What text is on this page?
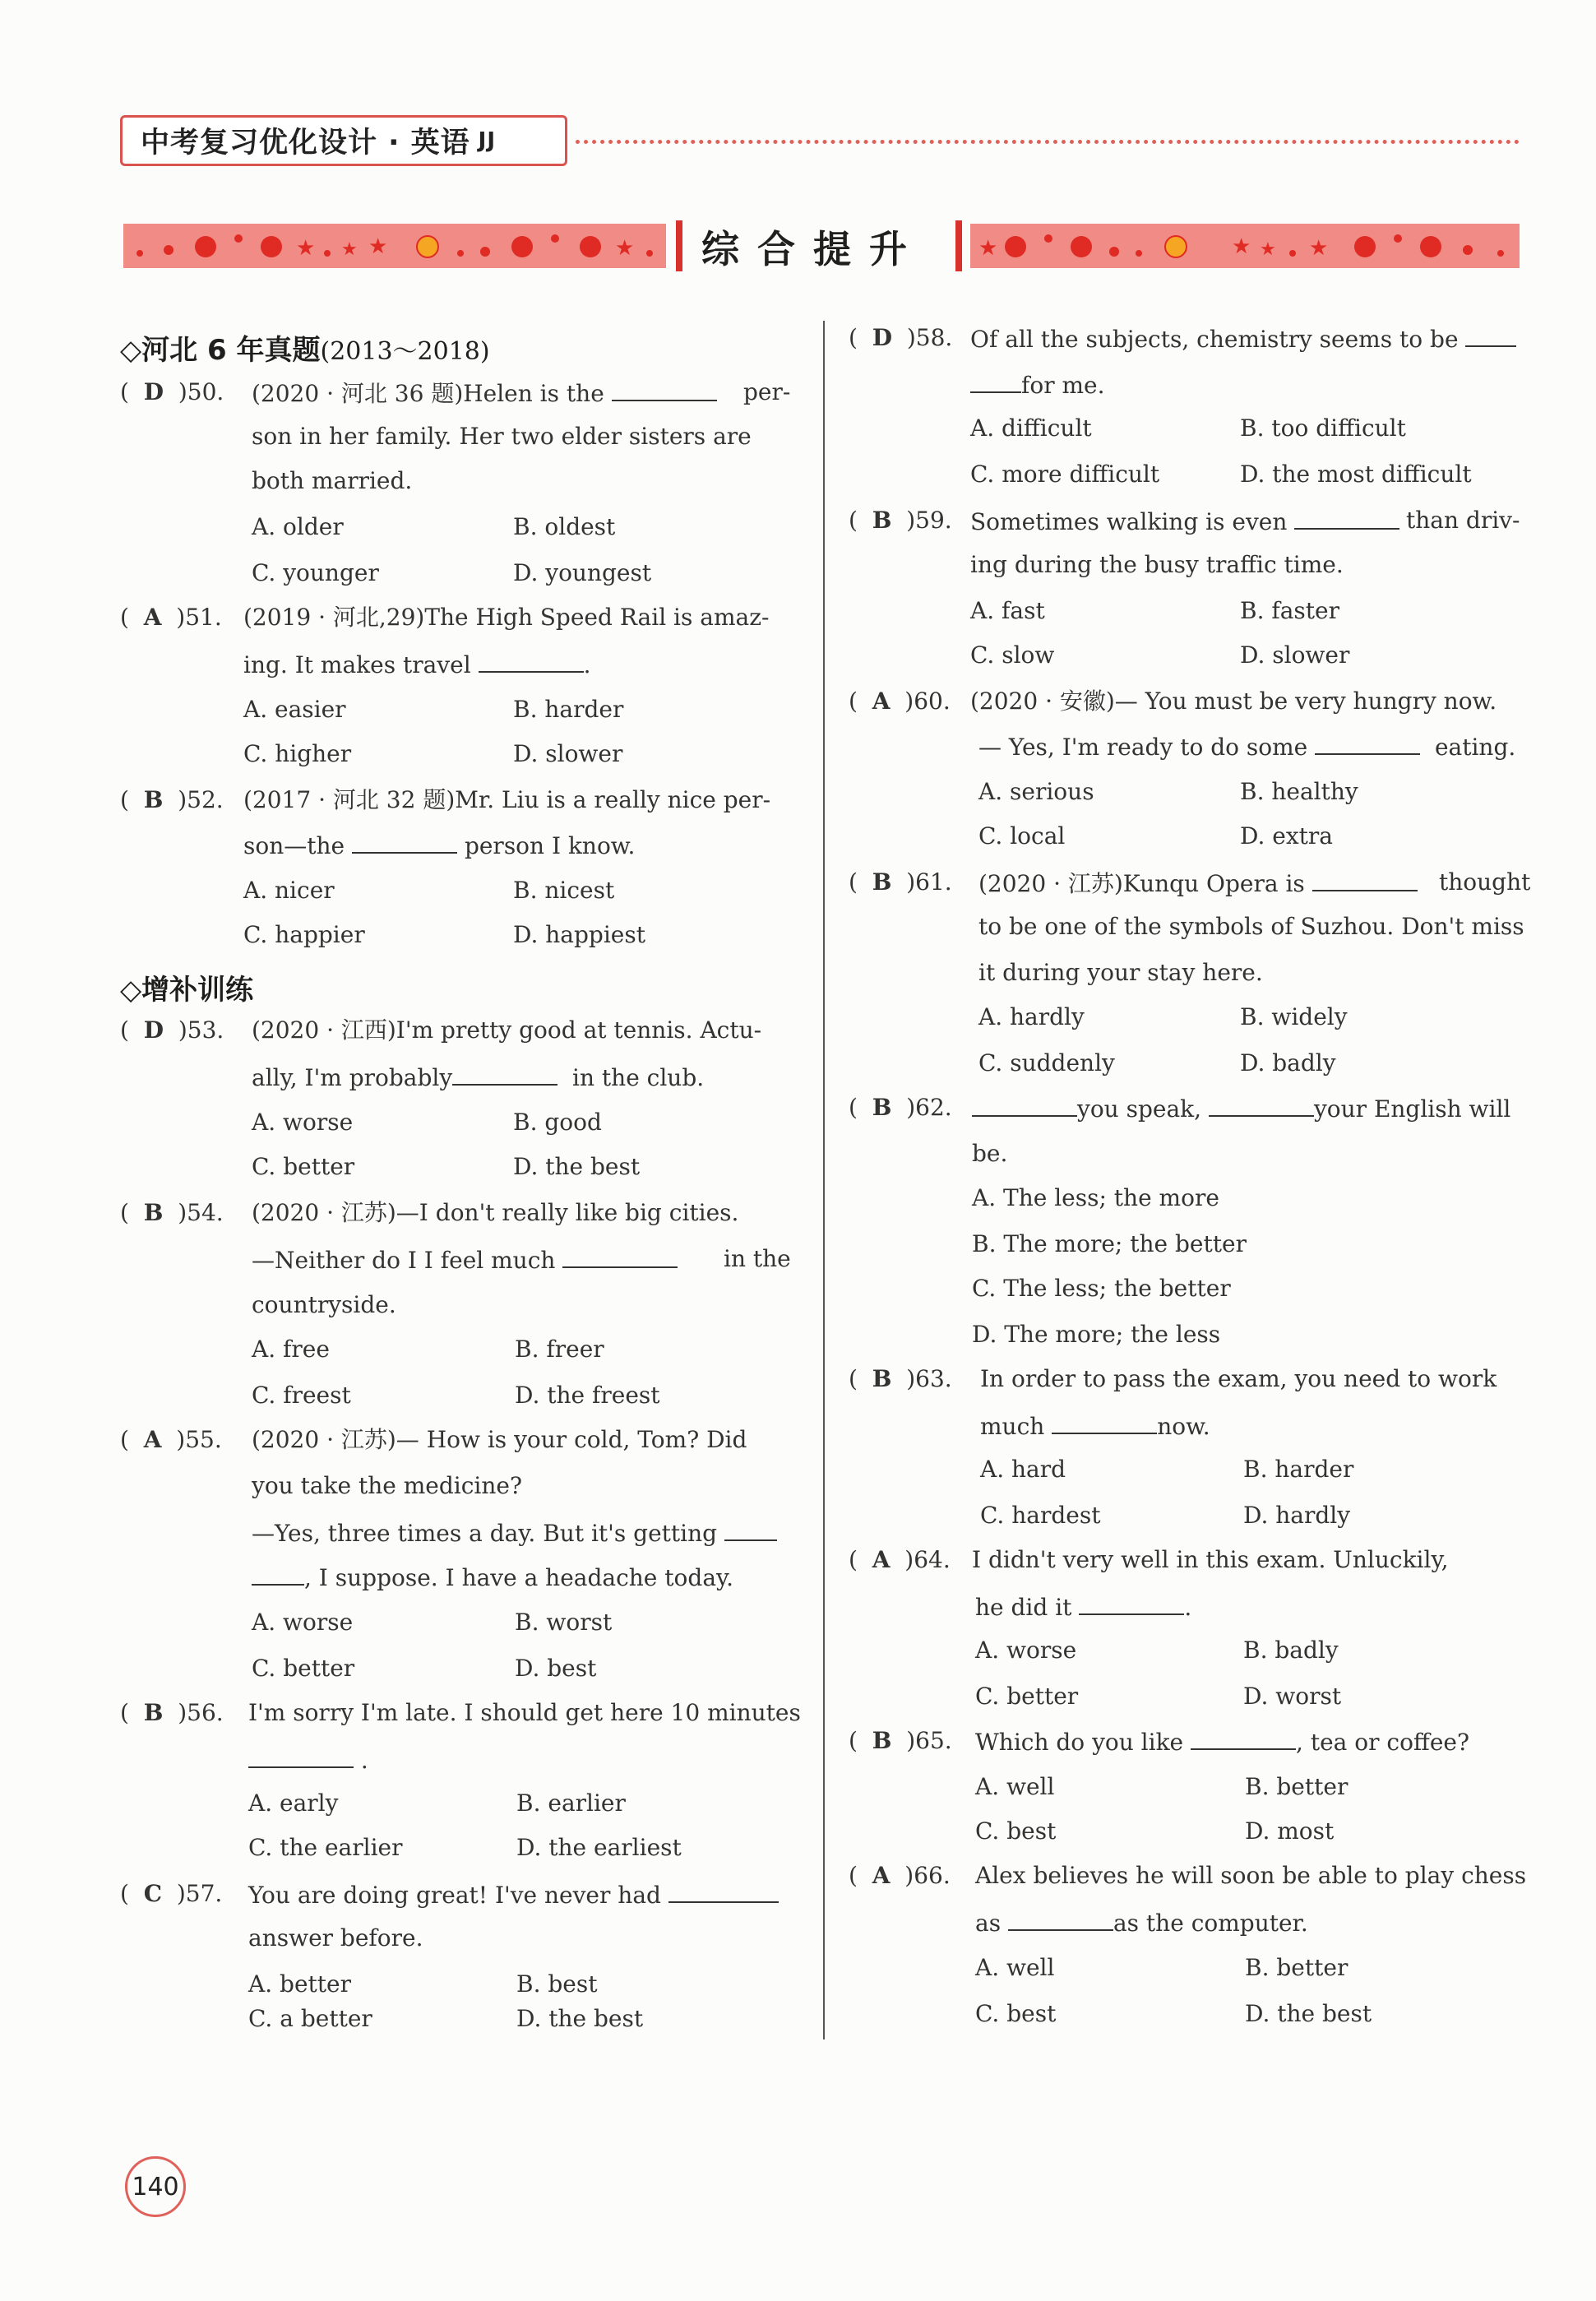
中考复习优化设计 · 英语 JJ
★ ★ ★	★	综合提升	★	★ ★ ★
◇河北 6 年真题(2013～2018)
(  D )50. (2020 · 河北 36 题)Helen is the	per-
son in her family. Her two elder sisters are
both married.
A. older	B. oldest
C. younger	D. youngest
(  A )51. (2019 · 河北,29)The High Speed Rail is amaz-
ing. It makes travel	.
A. easier	B. harder
C. higher	D. slower
(  B )52. (2017 · 河北 32 题)Mr. Liu is a really nice per-
son—the	person I know.
A. nicer	B. nicest
C. happier	D. happiest
◇增补训练
(  D )53. (2020 · 江西)I'm pretty good at tennis. Actu-
ally, I'm probably	in the club.
A. worse	B. good
C. better	D. the best
(  B )54. (2020 · 江苏)—I don't really like big cities.
—Neither do I I feel much	in the
countryside.
A. free	B. freer
C. freest	D. the freest
(  A )55. (2020 · 江苏)— How is your cold, Tom? Did
you take the medicine?
—Yes, three times a day. But it's getting
, I suppose. I have a headache today.
A. worse	B. worst
C. better	D. best
(  B )56. I'm sorry I'm late. I should get here 10 minutes
.
A. early	B. earlier
C. the earlier	D. the earliest
(  C )57. You are doing great! I've never had
answer before.
A. better	B. best
C. a better	D. the best
(  D )58. Of all the subjects, chemistry seems to be
for me.
A. difficult	B. too difficult
C. more difficult	D. the most difficult
(  B )59. Sometimes walking is even	than driv-
ing during the busy traffic time.
A. fast	B. faster
C. slow	D. slower
(  A )60. (2020 · 安徽)— You must be very hungry now.
— Yes, I'm ready to do some	eating.
A. serious	B. healthy
C. local	D. extra
(  B )61. (2020 · 江苏)Kunqu Opera is	thought
to be one of the symbols of Suzhou. Don't miss
it during your stay here.
A. hardly	B. widely
C. suddenly	D. badly
(  B )62.	you speak,	your English will
be.
A. The less; the more
B. The more; the better
C. The less; the better
D. The more; the less
(  B )63. In order to pass the exam, you need to work
much	now.
A. hard	B. harder
C. hardest	D. hardly
(  A )64. I didn't very well in this exam. Unluckily,
he did it	.
A. worse	B. badly
C. better	D. worst
(  B )65. Which do you like	, tea or coffee?
A. well	B. better
C. best	D. most
(  A )66. Alex believes he will soon be able to play chess
as	as the computer.
A. well	B. better
C. best	D. the best
140
